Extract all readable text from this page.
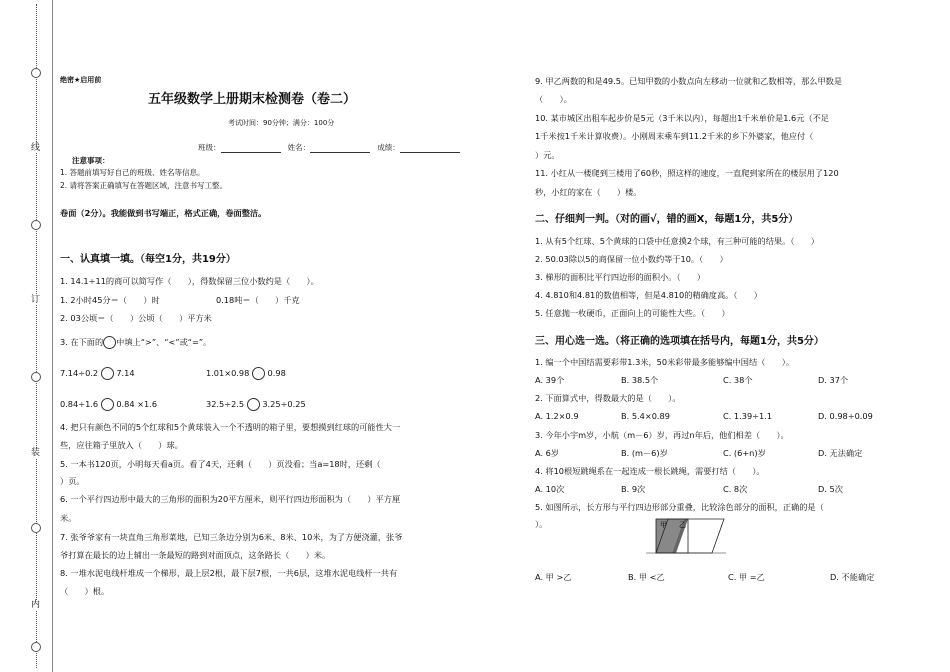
线
订
装
内
绝密★启用前
五年级数学上册期末检测卷（卷二）
考试时间：90分钟；满分：100分
班级：	姓名：	成绩：
注意事项：
1. 答题前填写好自己的班级、姓名等信息。
2. 请将答案正确填写在答题区域，注意书写工整。
卷面（2分）。我能做到书写端正，格式正确，卷面整洁。
一、认真填一填。（每空1分，共19分）
1. 14.1÷11的商可以简写作（　　），得数保留三位小数约是（　　）。
1. 2小时45分＝（　　）时	0.18吨＝（　　）千克
2. 03公顷＝（　　）公顷（　　）平方米
3. 在下面的 中填上“>”、“<”或“=”。
7.14÷0.2 7.14	1.01×0.98 0.98
0.84÷1.6 0.84 ×1.6	32.5÷2.5 3.25÷0.25
4. 把只有颜色不同的5个红球和5个黄球装入一个不透明的箱子里，要想摸到红球的可能性大一
些，应往箱子里放入（　　）球。
5. 一本书120页，小明每天看a页。看了4天，还剩（　　）页没看；当a=18时，还剩（
）页。
6. 一个平行四边形中最大的三角形的面积为20平方厘米，则平行四边形面积为（　　）平方厘
米。
7. 张爷爷家有一块直角三角形菜地，已知三条边分别为6米、8米、10米，为了方便浇灌，张爷
爷打算在最长的边上辅出一条最短的路到对面顶点，这条路长（　　）米。
8. 一堆水泥电线杆堆成一个梯形，最上层2根，最下层7根，一共6层，这堆水泥电线杆一共有
（　　）根。
9. 甲乙两数的和是49.5。已知甲数的小数点向左移动一位就和乙数相等，那么甲数是
（　　）。
10. 某市城区出租车起步价是5元（3千米以内），每超出1千米单价是1.6元（不足
1千米按1千米计算收费）。小刚周末乘车到11.2千米的乡下外婆家，他应付（
）元。
11. 小红从一楼爬到三楼用了60秒，照这样的速度，一直爬到家所在的楼层用了120
秒，小红的家在（　　）楼。
二、仔细判一判。（对的画√，错的画X，每题1分，共5分）
1. 从有5个红球、5个黄球的口袋中任意摸2个球，有三种可能的结果。（　　）
2. 50.03除以5的商保留一位小数约等于10。（　　）
3. 梯形的面积比平行四边形的面积小。（　　）
4. 4.810和4.81的数值相等，但是4.810的精确度高。（　　）
5. 任意抛一枚硬币，正面向上的可能性大些。（　　）
三、用心选一选。（将正确的选项填在括号内，每题1分，共5分）
1. 编一个中国结需要彩带1.3米，50米彩带最多能够编中国结（　　）。
A. 39个	B. 38.5个	C. 38个	D. 37个
2. 下面算式中，得数最大的是（　　）。
A. 1.2×0.9	B. 5.4×0.89	C. 1.39÷1.1	D. 0.98÷0.09
3. 今年小宇m岁，小航（m－6）岁，再过n年后，他们相差（　　）。
A. 6岁	B. (m－6)岁	C. (6+n)岁	D. 无法确定
4. 将10根短跳绳系在一起连成一根长跳绳，需要打结（　　）。
A. 10次	B. 9次	C. 8次	D. 5次
5. 如图所示，长方形与平行四边形部分重叠，比较涂色部分的面积，正确的是（
）。	甲 乙
A. 甲 >乙	B. 甲 <乙	C. 甲 =乙	D. 不能确定
